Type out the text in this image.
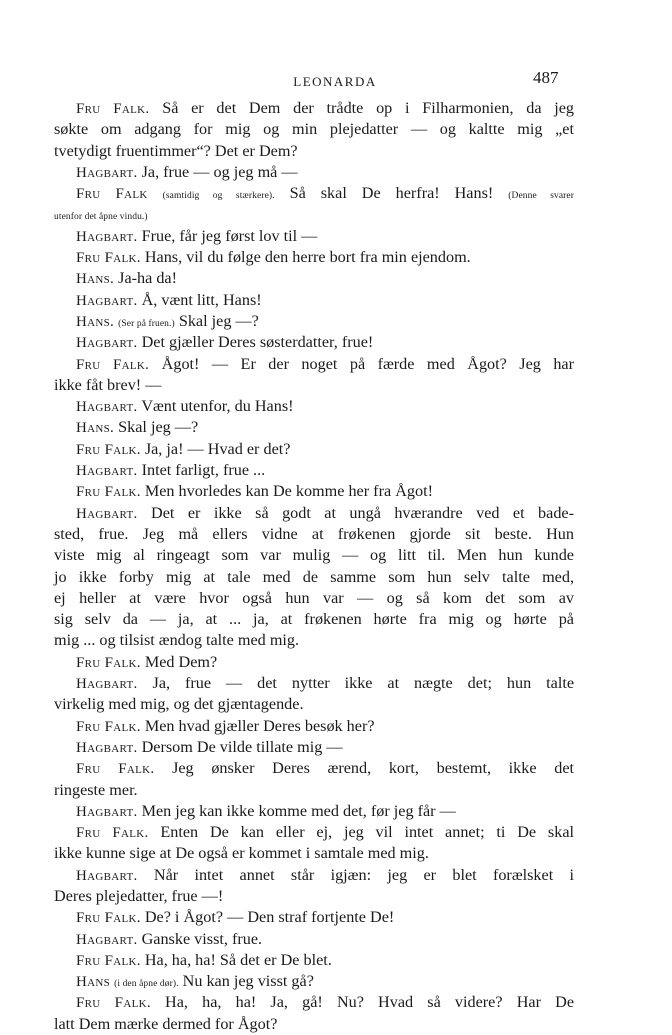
LEONARDA	487
Fru Falk. Så er det Dem der trådte op i Filharmonien, da jeg
søkte om adgang for mig og min plejedatter — og kaltte mig „et
tvetydigt fruentimmer“? Det er Dem?
Hagbart. Ja, frue — og jeg må —
Fru Falk (samtidig og stærkere). Så skal De herfra! Hans! (Denne svarer
utenfor det åpne vindu.)
Hagbart. Frue, får jeg først lov til —
Fru Falk. Hans, vil du følge den herre bort fra min ejendom.
Hans. Ja-ha da!
Hagbart. Å, vænt litt, Hans!
Hans. (Ser på fruen.) Skal jeg —?
Hagbart. Det gjæller Deres søsterdatter, frue!
Fru Falk. Ågot! — Er der noget på færde med Ågot? Jeg har
ikke fåt brev! —
Hagbart. Vænt utenfor, du Hans!
Hans. Skal jeg —?
Fru Falk. Ja, ja! — Hvad er det?
Hagbart. Intet farligt, frue ...
Fru Falk. Men hvorledes kan De komme her fra Ågot!
Hagbart. Det er ikke så godt at ungå hværandre ved et bade-
sted, frue. Jeg må ellers vidne at frøkenen gjorde sit beste. Hun
viste mig al ringeagt som var mulig — og litt til. Men hun kunde
jo ikke forby mig at tale med de samme som hun selv talte med,
ej heller at være hvor også hun var — og så kom det som av
sig selv da — ja, at ... ja, at frøkenen hørte fra mig og hørte på
mig ... og tilsist ændog talte med mig.
Fru Falk. Med Dem?
Hagbart. Ja, frue — det nytter ikke at nægte det; hun talte
virkelig med mig, og det gjæntagende.
Fru Falk. Men hvad gjæller Deres besøk her?
Hagbart. Dersom De vilde tillate mig —
Fru Falk. Jeg ønsker Deres ærend, kort, bestemt, ikke det
ringeste mer.
Hagbart. Men jeg kan ikke komme med det, før jeg får —
Fru Falk. Enten De kan eller ej, jeg vil intet annet; ti De skal
ikke kunne sige at De også er kommet i samtale med mig.
Hagbart. Når intet annet står igjæn: jeg er blet forælsket i
Deres plejedatter, frue —!
Fru Falk. De? i Ågot? — Den straf fortjente De!
Hagbart. Ganske visst, frue.
Fru Falk. Ha, ha, ha! Så det er De blet.
Hans (i den åpne dør). Nu kan jeg visst gå?
Fru Falk. Ha, ha, ha! Ja, gå! Nu? Hvad så videre? Har De
latt Dem mærke dermed for Ågot?
